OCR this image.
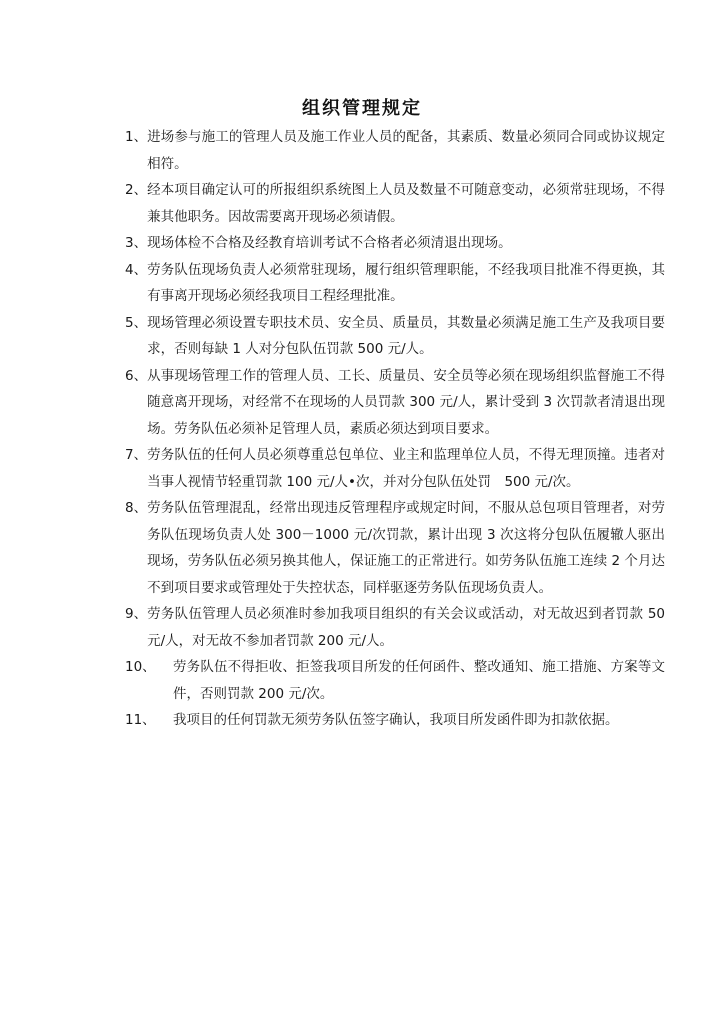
组织管理规定
1、 进场参与施工的管理人员及施工作业人员的配备，其素质、数量必须同合同或协议规定相符。
2、 经本项目确定认可的所报组织系统图上人员及数量不可随意变动，必须常驻现场，不得兼其他职务。因故需要离开现场必须请假。
3、 现场体检不合格及经教育培训考试不合格者必须清退出现场。
4、 劳务队伍现场负责人必须常驻现场，履行组织管理职能，不经我项目批准不得更换，其有事离开现场必须经我项目工程经理批准。
5、 现场管理必须设置专职技术员、安全员、质量员，其数量必须满足施工生产及我项目要求，否则每缺 1 人对分包队伍罚款 500 元/人。
6、 从事现场管理工作的管理人员、工长、质量员、安全员等必须在现场组织监督施工不得随意离开现场，对经常不在现场的人员罚款 300 元/人，累计受到 3 次罚款者清退出现场。劳务队伍必须补足管理人员，素质必须达到项目要求。
7、 劳务队伍的任何人员必须尊重总包单位、业主和监理单位人员，不得无理顶撞。违者对当事人视情节轻重罚款 100 元/人•次，并对分包队伍处罚　500 元/次。
8、 劳务队伍管理混乱，经常出现违反管理程序或规定时间，不服从总包项目管理者，对劳务队伍现场负责人处 300－1000 元/次罚款，累计出现 3 次这将分包队伍履辙人驱出现场，劳务队伍必须另换其他人，保证施工的正常进行。如劳务队伍施工连续 2 个月达不到项目要求或管理处于失控状态，同样驱逐劳务队伍现场负责人。
9、 劳务队伍管理人员必须准时参加我项目组织的有关会议或活动，对无故迟到者罚款 50 元/人，对无故不参加者罚款 200 元/人。
10、	劳务队伍不得拒收、拒签我项目所发的任何函件、整改通知、施工措施、方案等文件，否则罚款 200 元/次。
11、	我项目的任何罚款无须劳务队伍签字确认，我项目所发函件即为扣款依据。
